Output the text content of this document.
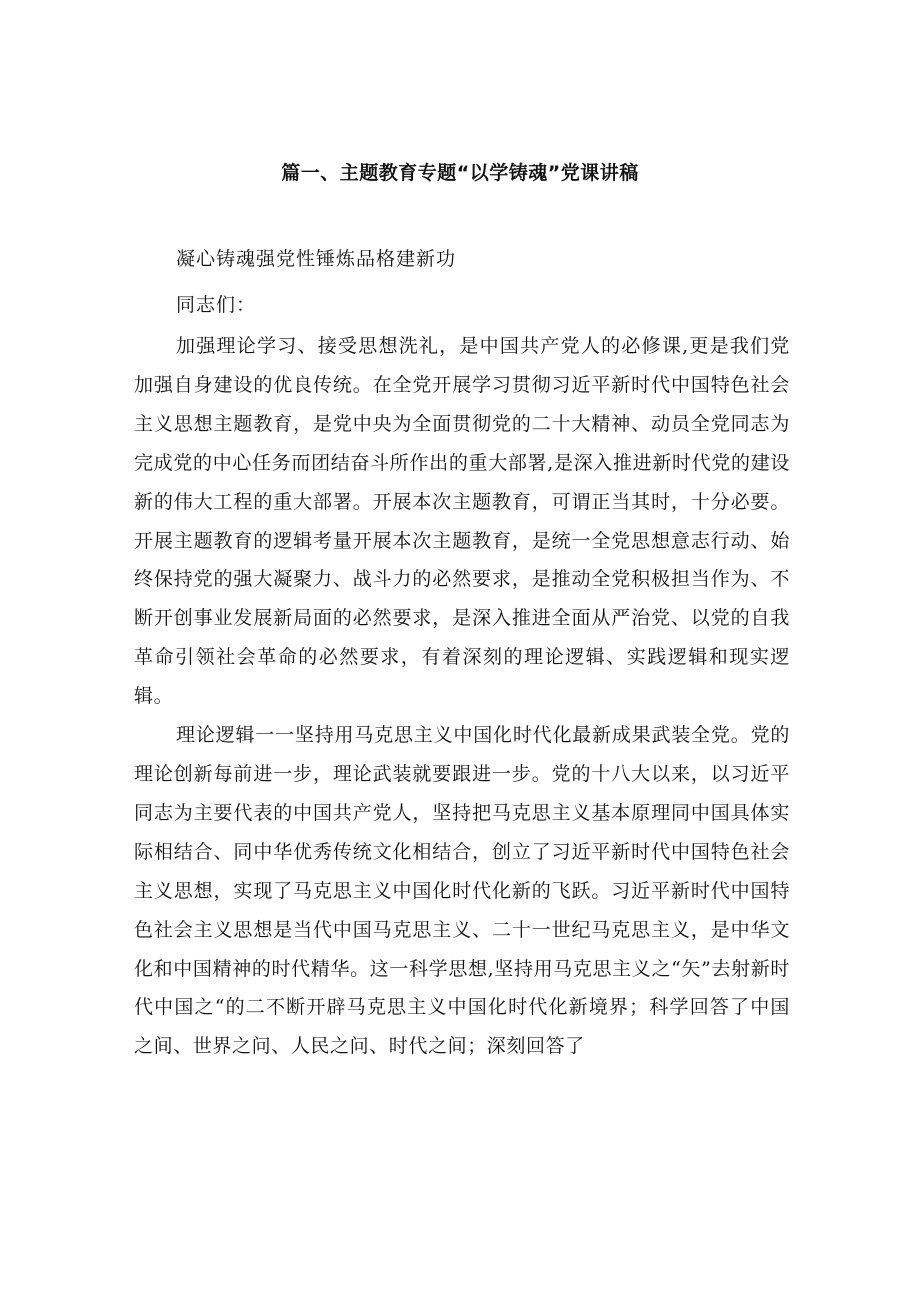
篇一、主题教育专题“以学铸魂”党课讲稿
凝心铸魂强党性锤炼品格建新功
同志们：

加强理论学习、接受思想洗礼，是中国共产党人的必修课,更是我们党加强自身建设的优良传统。在全党开展学习贯彻习近平新时代中国特色社会主义思想主题教育，是党中央为全面贯彻党的二十大精神、动员全党同志为完成党的中心任务而团结奋斗所作出的重大部署,是深入推进新时代党的建设新的伟大工程的重大部署。开展本次主题教育，可谓正当其时，十分必要。开展主题教育的逻辑考量开展本次主题教育，是统一全党思想意志行动、始终保持党的强大凝聚力、战斗力的必然要求，是推动全党积极担当作为、不断开创事业发展新局面的必然要求，是深入推进全面从严治党、以党的自我革命引领社会革命的必然要求，有着深刻的理论逻辑、实践逻辑和现实逻辑。

理论逻辑一一坚持用马克思主义中国化时代化最新成果武装全党。党的理论创新每前进一步，理论武装就要跟进一步。党的十八大以来，以习近平同志为主要代表的中国共产党人，坚持把马克思主义基本原理同中国具体实际相结合、同中华优秀传统文化相结合，创立了习近平新时代中国特色社会主义思想，实现了马克思主义中国化时代化新的飞跃。习近平新时代中国特色社会主义思想是当代中国马克思主义、二十一世纪马克思主义，是中华文化和中国精神的时代精华。这一科学思想,坚持用马克思主义之“矢”去射新时代中国之“的二不断开辟马克思主义中国化时代化新境界；科学回答了中国之间、世界之问、人民之问、时代之间；深刻回答了
